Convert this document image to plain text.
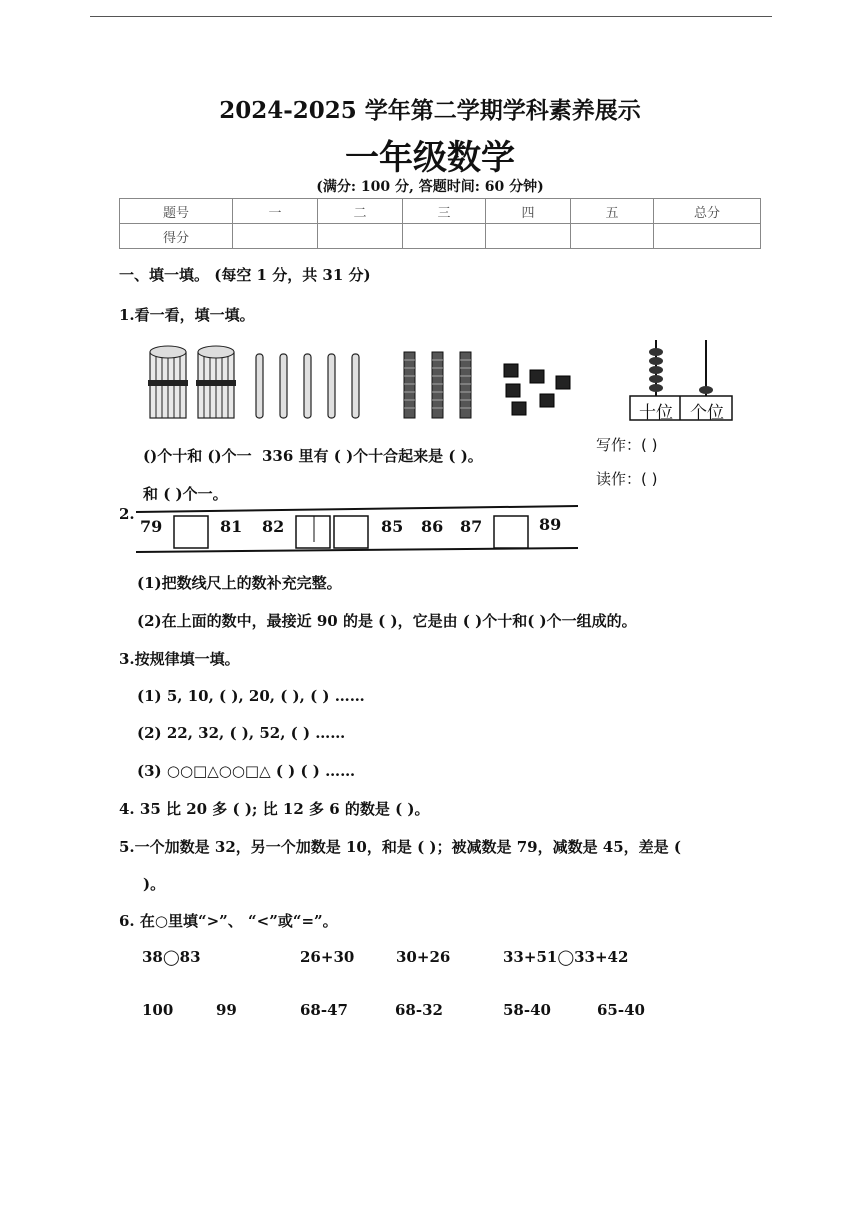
2024-2025 学年第二学期学科素养展示
一年级数学
(满分: 100 分, 答题时间: 60 分钟)
题号	一	二	三	四	五	总分
得分						
一、填一填。 (每空 1 分，共 31 分)
1.看一看，填一填。
十位	个位
()个十和 ()个一 336 里有 ( )个十合起来是 ( )。
和 ( )个一。
写作：( )
读作：( )
2.
79	81 82	85 86 87	89
(1)把数线尺上的数补充完整。
(2)在上面的数中，最接近 90 的是 ( )，它是由 ( )个十和( )个一组成的。
3.按规律填一填。
(1) 5, 10, ( ), 20, ( ), ( ) ……
(2) 22, 32, ( ), 52, ( ) ……
(3) ○○□△○○□△ ( ) ( ) ……
4. 35 比 20 多 ( ); 比 12 多 6 的数是 ( )。
5.一个加数是 32，另一个加数是 10，和是 ( )；被减数是 79，减数是 45，差是 (
)。
6. 在○里填“>”、 “<”或“=”。
38◯83	26+30	30+26	33+51◯33+42
100	99	68-47	68-32	58-40	65-40
